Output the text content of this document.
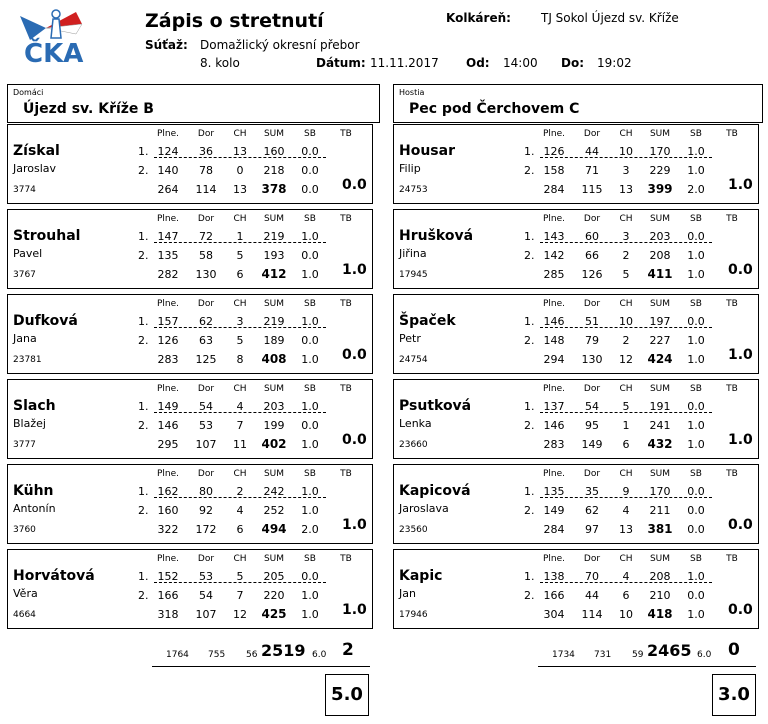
ČKA
Zápis o stretnutí	Kolkáreň:	TJ Sokol Újezd sv. Kříže
Súťaž: Domažlický okresní přebor
8. kolo	Dátum: 11.11.2017 Od: 14:00 Do: 19:02
Domáci
Újezd sv. Kříže B
Hostia
Pec pod Čerchovem C
Plne.	Dor	CH	SUM	SB	TB
Získal
Jaroslav
3774
1.
2.
124	36	13	160	0.0
140	78	0	218	0.0
264	114	13	378	0.0	0.0
Plne.	Dor	CH	SUM	SB	TB
Strouhal
Pavel
3767
1.
2.
147	72	1	219	1.0
135	58	5	193	0.0
282	130	6	412	1.0	1.0
Plne.	Dor	CH	SUM	SB	TB
Dufková
Jana
23781
1.
2.
157	62	3	219	1.0
126	63	5	189	0.0
283	125	8	408	1.0	0.0
Plne.	Dor	CH	SUM	SB	TB
Slach
Blažej
3777
1.
2.
149	54	4	203	1.0
146	53	7	199	0.0
295	107	11	402	1.0	0.0
Plne.	Dor	CH	SUM	SB	TB
Kühn
Antonín
3760
1.
2.
162	80	2	242	1.0
160	92	4	252	1.0
322	172	6	494	2.0	1.0
Plne.	Dor	CH	SUM	SB	TB
Horvátová
Věra
4664
1.
2.
152	53	5	205	0.0
166	54	7	220	1.0
318	107	12	425	1.0	1.0
Plne.	Dor	CH	SUM	SB	TB
Housar
Filip
24753
1.
2.
126	44	10	170	1.0
158	71	3	229	1.0
284	115	13	399	2.0	1.0
Plne.	Dor	CH	SUM	SB	TB
Hrušková
Jiřina
17945
1.
2.
143	60	3	203	0.0
142	66	2	208	1.0
285	126	5	411	1.0	0.0
Plne.	Dor	CH	SUM	SB	TB
Špaček
Petr
24754
1.
2.
146	51	10	197	0.0
148	79	2	227	1.0
294	130	12	424	1.0	1.0
Plne.	Dor	CH	SUM	SB	TB
Psutková
Lenka
23660
1.
2.
137	54	5	191	0.0
146	95	1	241	1.0
283	149	6	432	1.0	1.0
Plne.	Dor	CH	SUM	SB	TB
Kapicová
Jaroslava
23560
1.
2.
135	35	9	170	0.0
149	62	4	211	0.0
284	97	13	381	0.0	0.0
Plne.	Dor	CH	SUM	SB	TB
Kapic
Jan
17946
1.
2.
138	70	4	208	1.0
166	44	6	210	0.0
304	114	10	418	1.0	0.0
1764 755 56 2519 6.0 2
5.0
1734 731 59 2465 6.0 0
3.0
